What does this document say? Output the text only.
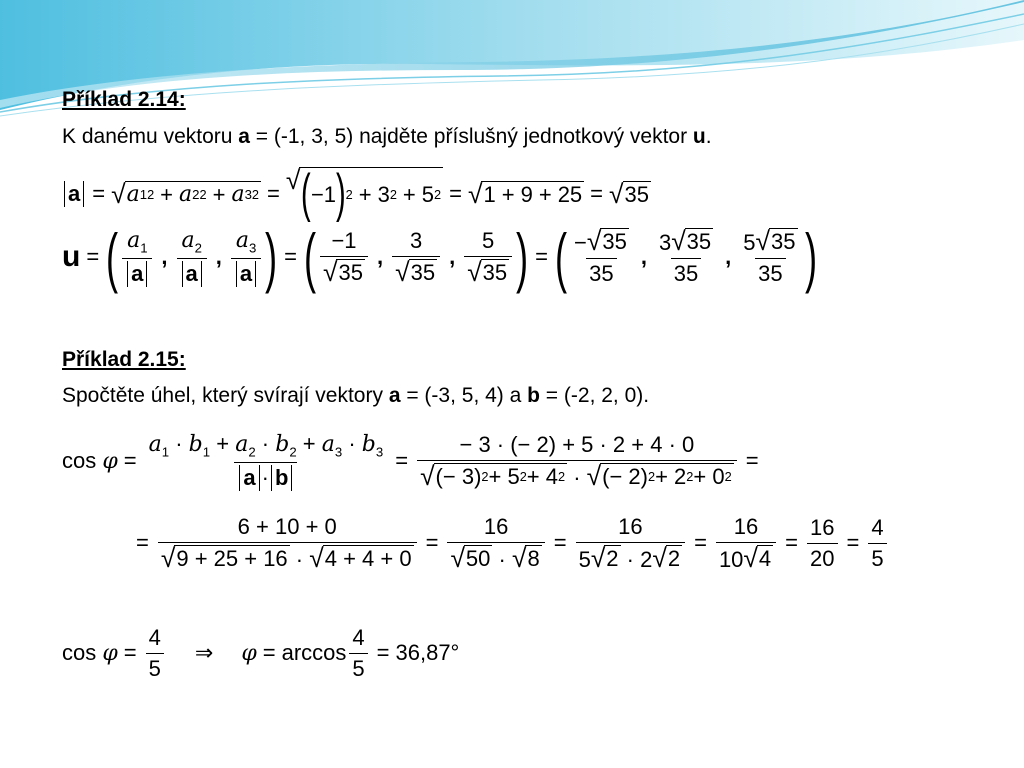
Příklad 2.14:
K danému vektoru a = (-1, 3, 5) najděte příslušný jednotkový vektor u.
a = √ a 1 2 + a 2 2 + a 3 2 = √ ( −1 ) 2 + 3 2 + 5 2 = √ 1 + 9 + 25 = √ 35
u = ( $\frac{a_1}{a}$ , $\frac{a_2}{a}$ , $\frac{a_3}{a}$ ) = ( $\frac{-1}{√ 35}$ , $\frac{3}{√ 35}$ , $\frac{5}{√ 35}$ ) = ( $\frac{- √ 35}{35}$ , $\frac{3 √ 35}{35}$ , $\frac{5 √ 35}{35}$ )
Příklad 2.15:
Spočtěte úhel, který svírají vektory a = (-3, 5, 4) a b = (-2, 2, 0).
cos
$\varphi = \frac{a_1 \cdot b_1 + a_2 \cdot b_2 + a_3 \cdot b_3}{a \cdot b} = \frac{- 3 \cdot (- 2) + 5 \cdot 2 + 4 \cdot 0}{√ (- 3) 2 + 5 2 + 4 2 \cdot √ (- 2) 2 + 2 2 + 0 2}$ =
= $\frac{6 + 10 + 0}{√ 9 + 25 + 16 \cdot √ 4 + 4 + 0} = \frac{16}{√ 50 \cdot √ 8} = \frac{16}{5 √ 2 \cdot 2 √ 2} = \frac{16}{10 √ 4} = \frac{16}{20} = \frac{4}{5}$
cos
$\varphi = \frac{4}{5}$ ⇒ $\varphi = \arccos \frac{4}{5} = 36,87^\circ$
